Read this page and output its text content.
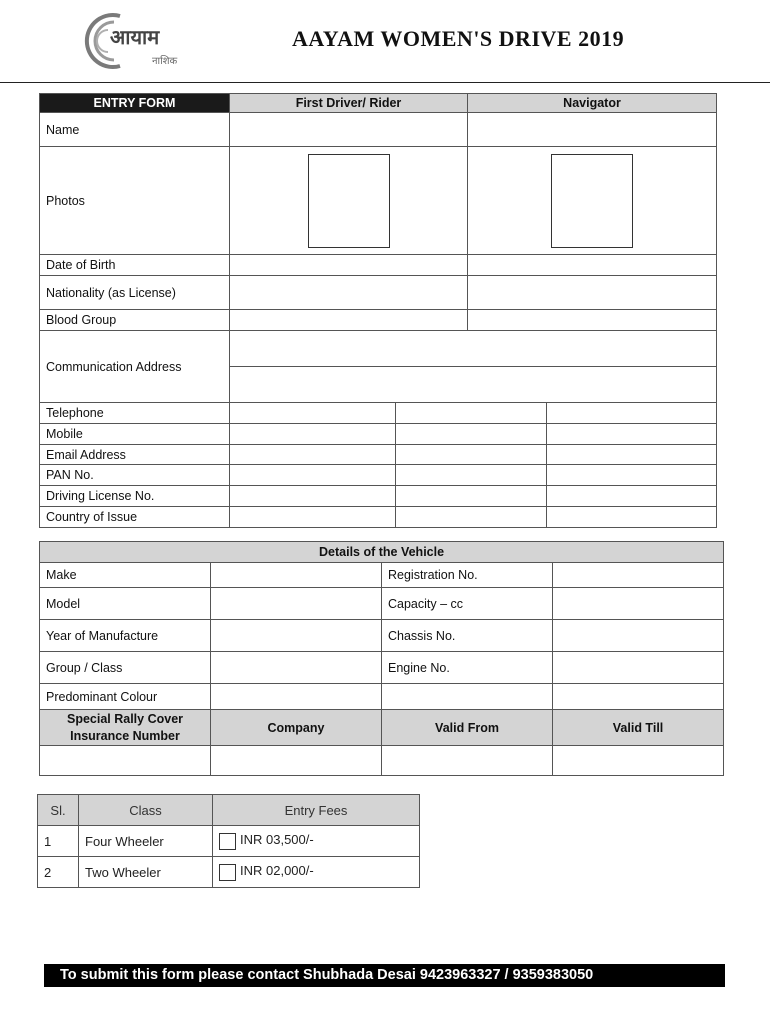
आयाम
नाशिक
AAYAM WOMEN'S DRIVE 2019
ENTRY FORM	First Driver/ Rider		Navigator
Name			
Photos		

Date of Birth			
Nationality (as License)			
Blood Group			
Communication Address			

Telephone			

Mobile			

Email Address			

PAN No.			

Driving License No.			

Country of Issue			
Details of the Vehicle			
Make		Registration No.	
Model		Capacity – cc	
Year of Manufacture		Chassis No.	
Group / Class		Engine No.	
Predominant Colour			
Special Rally Cover Insurance Number	Company	Valid From	Valid Till

Sl.	Class	Entry Fees
1	Four Wheeler	INR 03,500/-
2	Two Wheeler	INR 02,000/-
To submit this form please contact Shubhada Desai 9423963327 / 9359383050
